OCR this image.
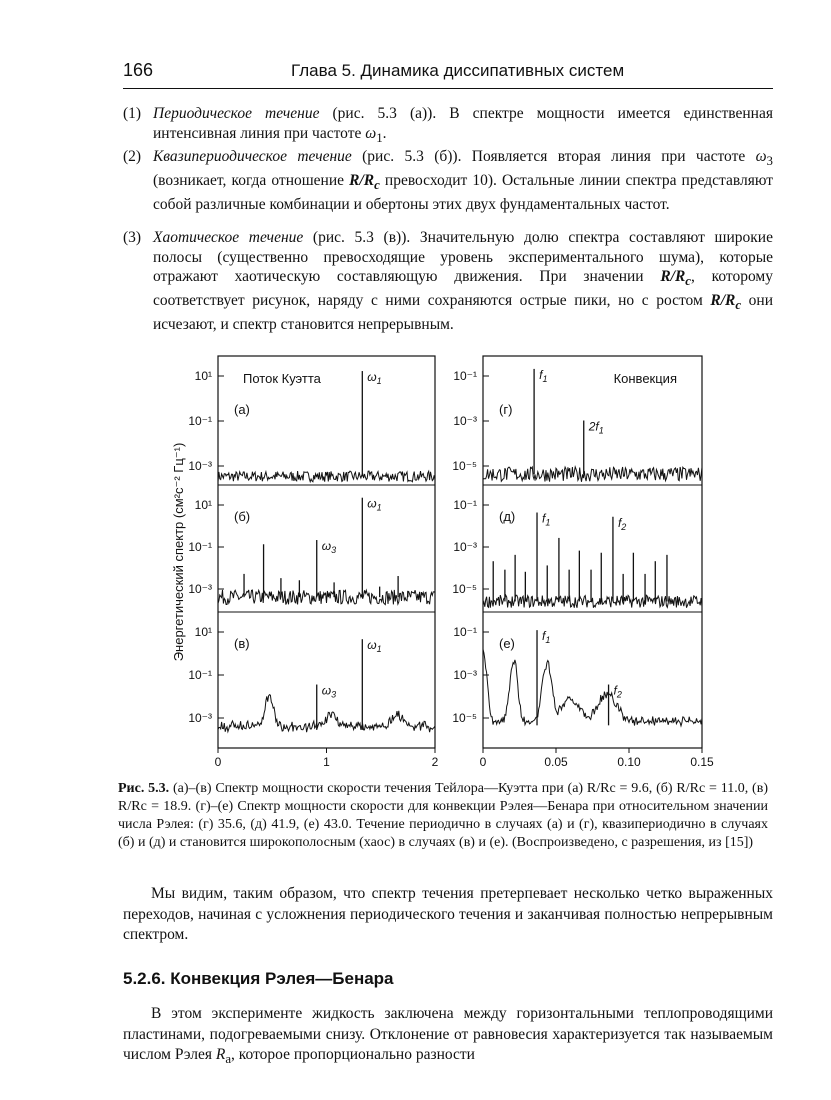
166	Глава 5. Динамика диссипативных систем
(1) Периодическое течение (рис. 5.3 (а)). В спектре мощности имеется единственная интенсивная линия при частоте $\omega_1$.
(2) Квазипериодическое течение (рис. 5.3 (б)). Появляется вторая линия при частоте $\omega_3$ (возникает, когда отношение $R/R_c$ превосходит 10). Остальные линии спектра представляют собой различные комбинации и обертоны этих двух фундаментальных частот.
(3) Хаотическое течение (рис. 5.3 (в)). Значительную долю спектра составляют широкие полосы (существенно превосходящие уровень экспериментального шума), которые отражают хаотическую составляющую движения. При значении $R/R_c$, которому соответствует рисунок, наряду с ними сохраняются острые пики, но с ростом $R/R_c$ они исчезают, и спектр становится непрерывным.
0	1	2
10¹
10⁻¹
10⁻³
(а)
$\omega_1$
10¹
10⁻¹
10⁻³
(б)
$\omega_1$
$\omega_3$
10¹
10⁻¹
10⁻³
(в)	$\omega_1$
$\omega_3$
Поток Куэтта
Энергетический спектр (см²с⁻² Гц⁻¹)
0	0.05	0.10	0.15
10⁻¹
10⁻³
10⁻⁵
(г)
$f_1$
$2f_1$
10⁻¹
10⁻³
10⁻⁵
(д) $f_1$	$f_2$
10⁻¹
10⁻³
10⁻⁵
(е) $f_1$
$f_2$
Конвекция
Рис. 5.3. (а)–(в) Спектр мощности скорости течения Тейлора—Куэтта при (а) R/Rc = 9.6, (б) R/Rc = 11.0, (в) R/Rc = 18.9. (г)–(е) Спектр мощности скорости для конвекции Рэлея—Бенара при относительном значении числа Рэлея: (г) 35.6, (д) 41.9, (е) 43.0. Течение периодично в случаях (а) и (г), квазипериодично в случаях (б) и (д) и становится широкополосным (хаос) в случаях (в) и (е). (Воспроизведено, с разрешения, из [15])
Мы видим, таким образом, что спектр течения претерпевает несколько четко выраженных переходов, начиная с усложнения периодического течения и заканчивая полностью непрерывным спектром.
5.2.6. Конвекция Рэлея—Бенара
В этом эксперименте жидкость заключена между горизонтальными теплопроводящими пластинами, подогреваемыми снизу. Отклонение от равновесия характеризуется так называемым числом Рэлея $R_a$, которое пропорционально разности
